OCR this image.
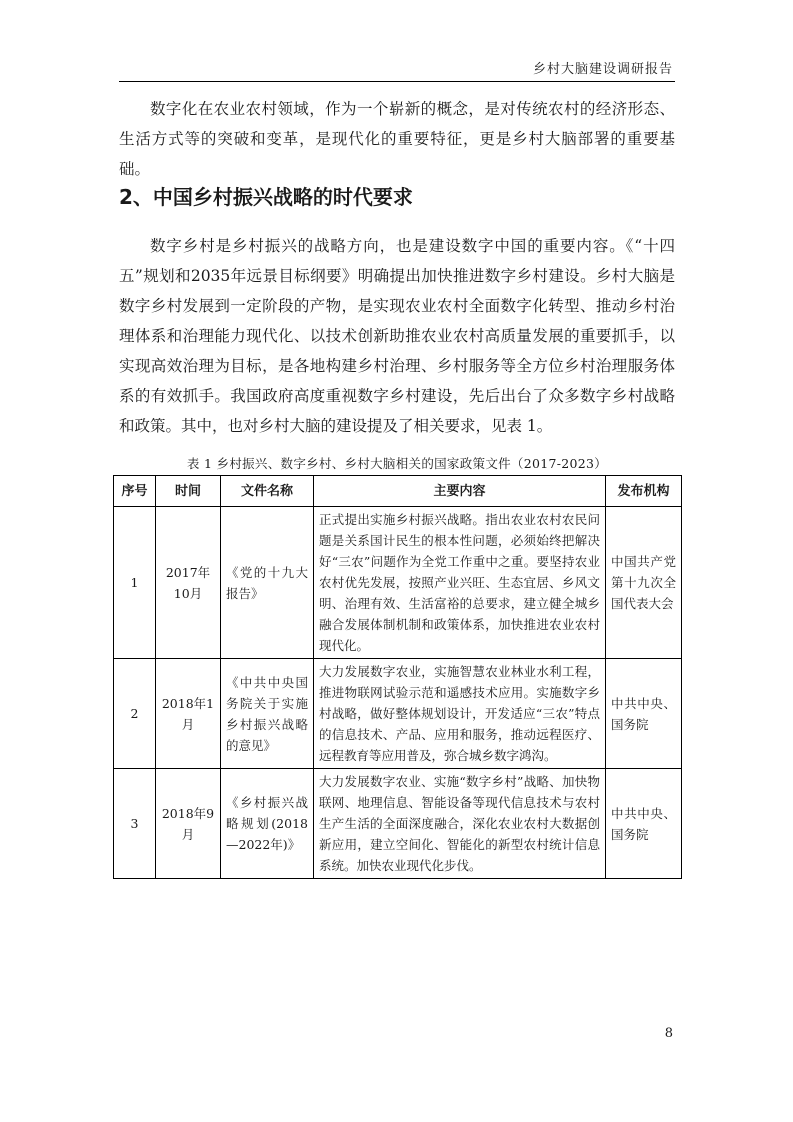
乡村大脑建设调研报告

数字化在农业农村领域，作为一个崭新的概念，是对传统农村的经济形态、生活方式等的突破和变革，是现代化的重要特征，更是乡村大脑部署的重要基础。

2、中国乡村振兴战略的时代要求

数字乡村是乡村振兴的战略方向，也是建设数字中国的重要内容。《“十四五”规划和2035年远景目标纲要》明确提出加快推进数字乡村建设。乡村大脑是数字乡村发展到一定阶段的产物，是实现农业农村全面数字化转型、推动乡村治理体系和治理能力现代化、以技术创新助推农业农村高质量发展的重要抓手，以实现高效治理为目标，是各地构建乡村治理、乡村服务等全方位乡村治理服务体系的有效抓手。我国政府高度重视数字乡村建设，先后出台了众多数字乡村战略和政策。其中，也对乡村大脑的建设提及了相关要求，见表 1。

表 1 乡村振兴、数字乡村、乡村大脑相关的国家政策文件（2017-2023）
序号	时间	文件名称	主要内容	发布机构
1	2017年10月	《党的十九大报告》	正式提出实施乡村振兴战略。指出农业农村农民问题是关系国计民生的根本性问题，必须始终把解决好“三农”问题作为全党工作重中之重。要坚持农业农村优先发展，按照产业兴旺、生态宜居、乡风文明、治理有效、生活富裕的总要求，建立健全城乡融合发展体制机制和政策体系，加快推进农业农村现代化。	中国共产党第十九次全国代表大会
2	2018年1月	《中共中央国务院关于实施乡村振兴战略的意见》	大力发展数字农业，实施智慧农业林业水利工程，推进物联网试验示范和遥感技术应用。实施数字乡村战略，做好整体规划设计，开发适应“三农”特点的信息技术、产品、应用和服务，推动远程医疗、远程教育等应用普及，弥合城乡数字鸿沟。	中共中央、国务院
3	2018年9月	《乡村振兴战略规划(2018—2022年)》	大力发展数字农业、实施“数字乡村”战略、加快物联网、地理信息、智能设备等现代信息技术与农村生产生活的全面深度融合，深化农业农村大数据创新应用，建立空间化、智能化的新型农村统计信息系统。加快农业现代化步伐。	中共中央、国务院
8
